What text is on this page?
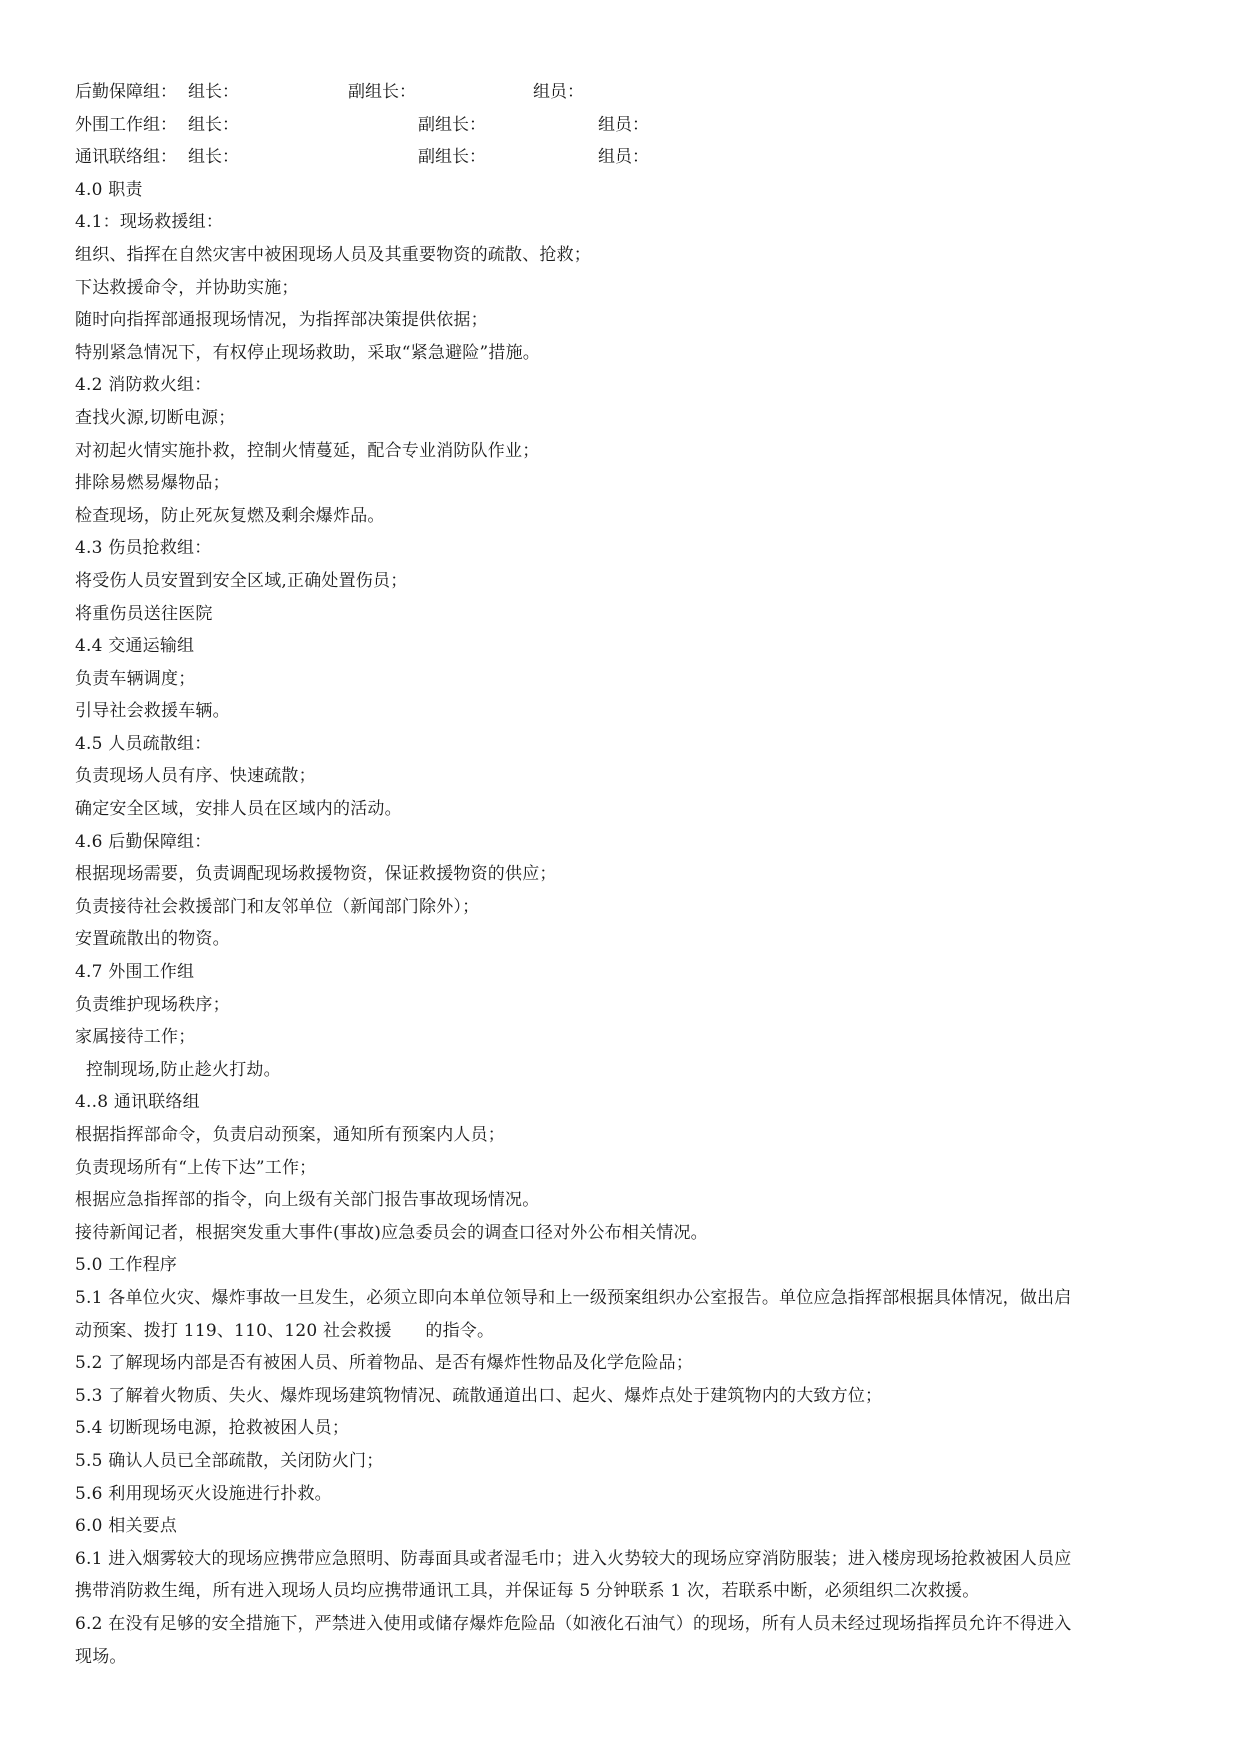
后勤保障组： 组长：	副组长：	组员：
外围工作组： 组长：	副组长：	组员：
通讯联络组： 组长：	副组长：	组员：
4.0 职责
4.1：现场救援组：
组织、指挥在自然灾害中被困现场人员及其重要物资的疏散、抢救；
下达救援命令，并协助实施；
随时向指挥部通报现场情况，为指挥部决策提供依据；
特别紧急情况下，有权停止现场救助，采取“紧急避险”措施。
4.2 消防救火组：
查找火源,切断电源；
对初起火情实施扑救，控制火情蔓延，配合专业消防队作业；
排除易燃易爆物品；
检查现场，防止死灰复燃及剩余爆炸品。
4.3 伤员抢救组：
将受伤人员安置到安全区域,正确处置伤员；
将重伤员送往医院
4.4 交通运输组
负责车辆调度；
引导社会救援车辆。
4.5 人员疏散组：
负责现场人员有序、快速疏散；
确定安全区域，安排人员在区域内的活动。
4.6 后勤保障组：
根据现场需要，负责调配现场救援物资，保证救援物资的供应；
负责接待社会救援部门和友邻单位（新闻部门除外）；
安置疏散出的物资。
4.7 外围工作组
负责维护现场秩序；
家属接待工作；
控制现场,防止趁火打劫。
4..8 通讯联络组
根据指挥部命令，负责启动预案，通知所有预案内人员；
负责现场所有“上传下达”工作；
根据应急指挥部的指令，向上级有关部门报告事故现场情况。
接待新闻记者，根据突发重大事件(事故)应急委员会的调查口径对外公布相关情况。
5.0 工作程序
5.1 各单位火灾、爆炸事故一旦发生，必须立即向本单位领导和上一级预案组织办公室报告。单位应急指挥部根据具体情况，做出启
动预案、拨打 119、110、120 社会救援      的指令。
5.2 了解现场内部是否有被困人员、所着物品、是否有爆炸性物品及化学危险品；
5.3 了解着火物质、失火、爆炸现场建筑物情况、疏散通道出口、起火、爆炸点处于建筑物内的大致方位；
5.4 切断现场电源，抢救被困人员；
5.5 确认人员已全部疏散，关闭防火门；
5.6 利用现场灭火设施进行扑救。
6.0 相关要点
6.1 进入烟雾较大的现场应携带应急照明、防毒面具或者湿毛巾；进入火势较大的现场应穿消防服装；进入楼房现场抢救被困人员应
携带消防救生绳，所有进入现场人员均应携带通讯工具，并保证每 5 分钟联系 1 次，若联系中断，必须组织二次救援。
6.2 在没有足够的安全措施下，严禁进入使用或储存爆炸危险品（如液化石油气）的现场，所有人员未经过现场指挥员允许不得进入
现场。
